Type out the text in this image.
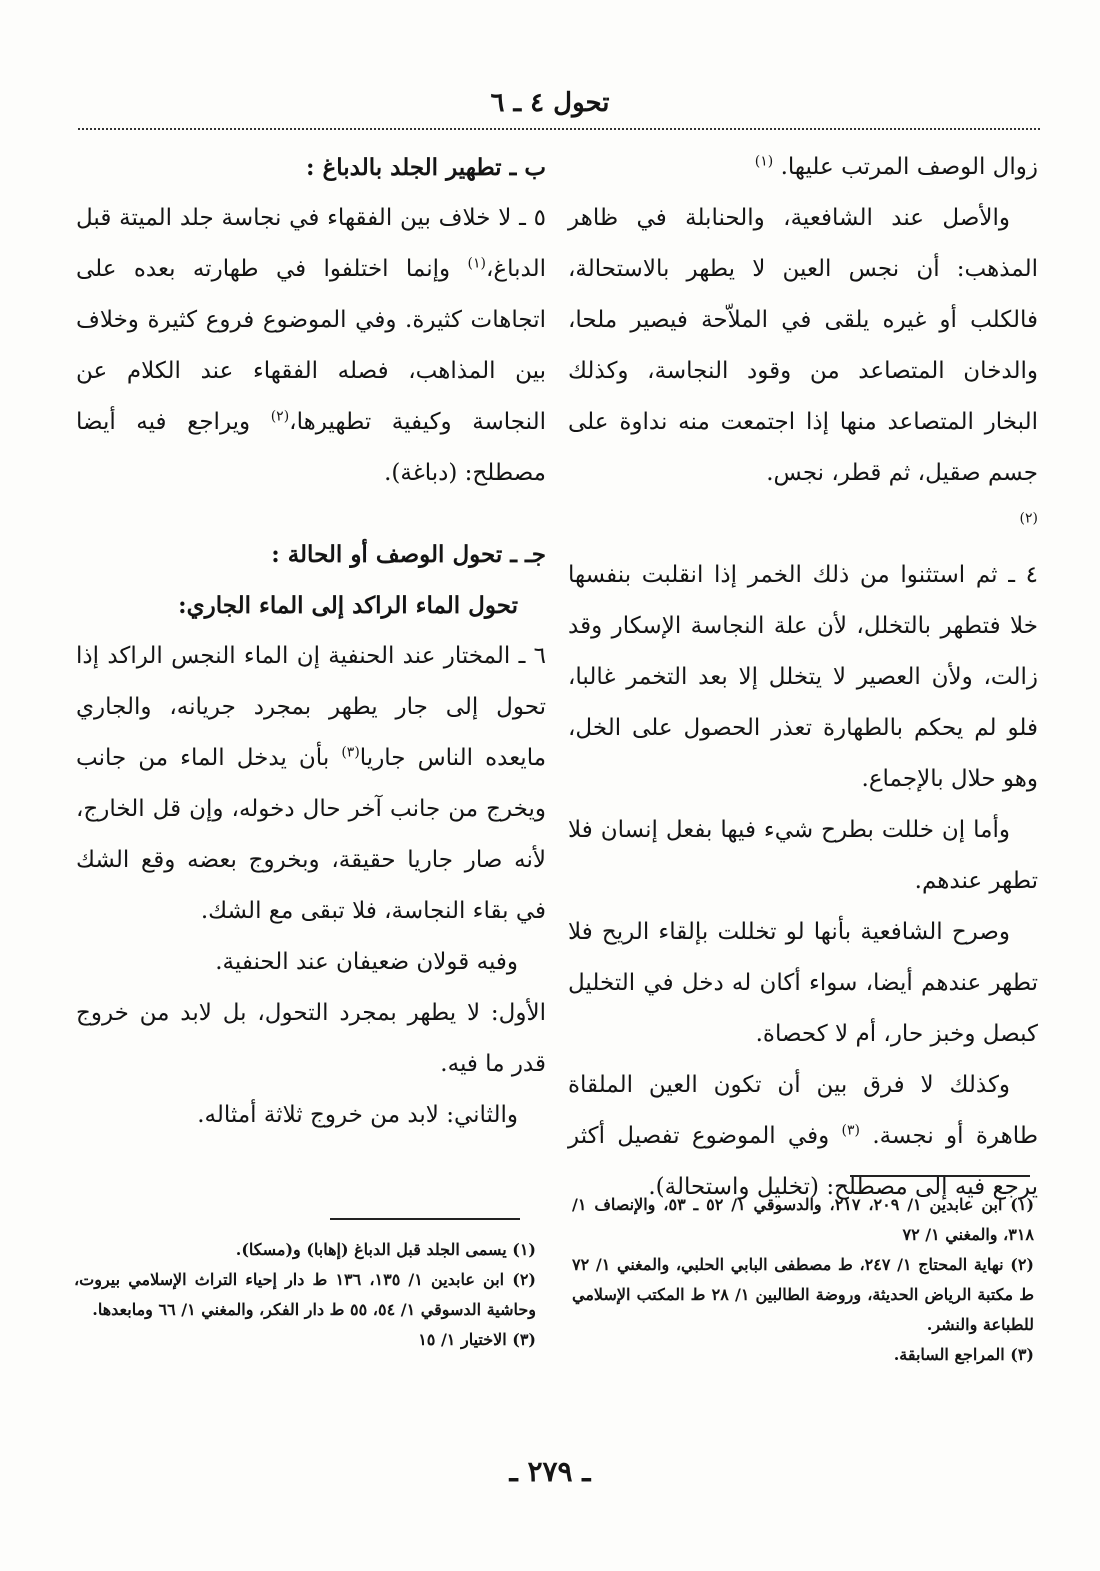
تحول ٤ ـ ٦

زوال الوصف المرتب عليها. $^{(١)}$

والأصل عند الشافعية، والحنابلة في ظاهر المذهب: أن نجس العين لا يطهر بالاستحالة، فالكلب أو غيره يلقى في الملاّحة فيصير ملحا، والدخان المتصاعد من وقود النجاسة، وكذلك البخار المتصاعد منها إذا اجتمعت منه نداوة على جسم صقيل، ثم قطر، نجس.

$^{(٢)}$

٤ ـ ثم استثنوا من ذلك الخمر إذا انقلبت بنفسها خلا فتطهر بالتخلل، لأن علة النجاسة الإسكار وقد زالت، ولأن العصير لا يتخلل إلا بعد التخمر غالبا، فلو لم يحكم بالطهارة تعذر الحصول على الخل، وهو حلال بالإجماع.

وأما إن خللت بطرح شيء فيها بفعل إنسان فلا تطهر عندهم.

وصرح الشافعية بأنها لو تخللت بإلقاء الريح فلا تطهر عندهم أيضا، سواء أكان له دخل في التخليل كبصل وخبز حار، أم لا كحصاة.

وكذلك لا فرق بين أن تكون العين الملقاة طاهرة أو نجسة. $^{(٣)}$ وفي الموضوع تفصيل أكثر يرجع فيه إلى مصطلح: (تخليل واستحالة).

ب ـ تطهير الجلد بالدباغ :

٥ ـ لا خلاف بين الفقهاء في نجاسة جلد الميتة قبل الدباغ،$^{(١)}$ وإنما اختلفوا في طهارته بعده على اتجاهات كثيرة. وفي الموضوع فروع كثيرة وخلاف بين المذاهب، فصله الفقهاء عند الكلام عن النجاسة وكيفية تطهيرها،$^{(٢)}$ ويراجع فيه أيضا مصطلح: (دباغة).

جـ ـ تحول الوصف أو الحالة :

تحول الماء الراكد إلى الماء الجاري:

٦ ـ المختار عند الحنفية إن الماء النجس الراكد إذا تحول إلى جار يطهر بمجرد جريانه، والجاري مايعده الناس جاريا$^{(٣)}$ بأن يدخل الماء من جانب ويخرج من جانب آخر حال دخوله، وإن قل الخارج، لأنه صار جاريا حقيقة، وبخروج بعضه وقع الشك في بقاء النجاسة، فلا تبقى مع الشك.

وفيه قولان ضعيفان عند الحنفية.

الأول: لا يطهر بمجرد التحول، بل لابد من خروج قدر ما فيه.

والثاني: لابد من خروج ثلاثة أمثاله.

(١) ابن عابدين ١/ ٢٠٩، ٢١٧، والدسوقي ١/ ٥٢ ـ ٥٣، والإنصاف ١/ ٣١٨، والمغني ١/ ٧٢

(٢) نهاية المحتاج ١/ ٢٤٧، ط مصطفى البابي الحلبي، والمغني ١/ ٧٢ ط مكتبة الرياض الحديثة، وروضة الطالبين ١/ ٢٨ ط المكتب الإسلامي للطباعة والنشر.

(٣) المراجع السابقة.

(١) يسمى الجلد قبل الدباغ (إهابا) و(مسكا).

(٢) ابن عابدين ١/ ١٣٥، ١٣٦ ط دار إحياء التراث الإسلامي بيروت، وحاشية الدسوقي ١/ ٥٤، ٥٥ ط دار الفكر، والمغني ١/ ٦٦ ومابعدها.

(٣) الاختيار ١/ ١٥

ـ ٢٧٩ ـ
